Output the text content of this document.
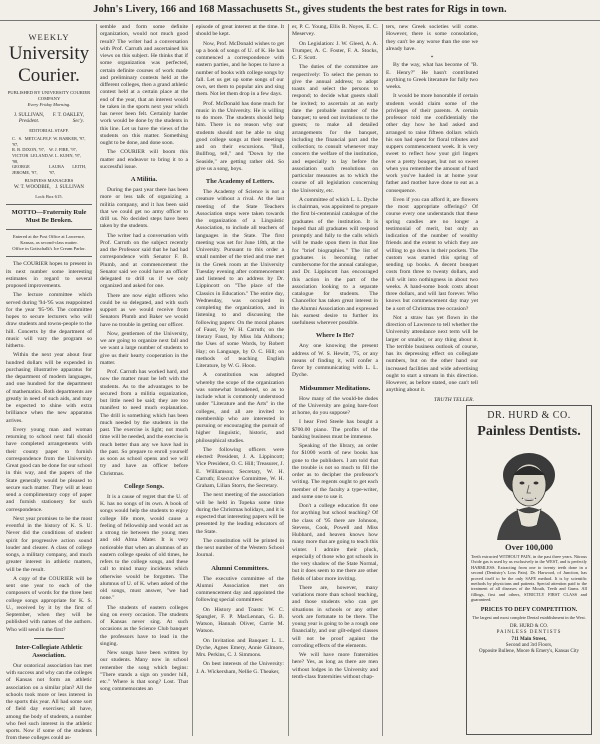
John's Livery, 166 and 168 Massachusetts St., gives students the best rates for Rigs in town.
WEEKLY
University Courier.
PUBLISHED BY UNIVERSITY COURIER COMPANY
Every Friday Morning.
J. SULLIVAN,
President.
F. T. OAKLEY,
Sec'y.
EDITORIAL STAFF.
C. S. METCALFE, '97,
F. W. BARKER, '97,
R. B. DIXON, '97, W. J. FIRE, '97,
VICTOR LELAND, '98,
W. L. KUHN, '97,
GEORGE JEROME, '97,
LAURA LEITH, '97,
BUSINESS MANAGERS
W. T. WOODBIE, J. SULLIVAN
Lock Box 615.
MOTTO—Fraternity Rule Must Be Broken.
Entered at the Post Office at Lawrence, Kansas, as second-class matter.
Office in Gottschalk's Ice Cream Parlor.

The COURIER hopes to present in its next number some interesting estimates in regard to several proposed improvements.

The lecture committee which served during '94-'95 was reappointed for the year '95-'96. The committee hopes to secure lecturers who will draw students and towns-people to the hill. Concerts by the department of music will vary the program so hitherto.

Within the next year about four hundred dollars will be expended in purchasing illustrative apparatus for the department of modern languages, and one hundred for the department of mathematics. Both departments are greatly in need of such aids, and may be expected to shine with extra brilliance when the new apparatus arrives.

Every young man and woman returning to school next fall should have completed arrangements with their county paper to furnish correspondence from the University. Great good can be done for our school in this way, and the papers of the State generally would be pleased to secure such matter. They will at least send a complimentary copy of paper and furnish stationery for such correspondence.

Next year promises to be the most eventful in the history of K. S. U. Never did the conditions of student spirit for progressive action sound louder and clearer. A class of college songs, a military company, and much greater interest in athletic matters, will be the result.

A copy of the COURIER will be sent one year to each of the composers of words for the three best college songs appropriate for K. S. U., received by it by the first of September, when they will be published with names of the authors. Who will send in the first?

Inter-Collegiate Athletic Association.

Our oratorical association has met with success and why can the colleges of Kansas not form an athletic association on a similar plan? All the schools took more or less interest in the sports this year. All had some sort of field day exercises; all have, among the body of students, a number who feel such interest in the athletic sports. Now if some of the students from these colleges could as-

semble and form some definite organization, would not much good result? The writer had a conversation with Prof. Carruth and ascertained his views on this subject. He thinks that if some organization was perfected, certain definite courses of work made and preliminary contests held at the different colleges, then a grand athletic contest held at a certain place at the end of the year, that an interest would be taken in the sports next year which has never been felt. Certainly harder work would be done by the students in this line. Let us have the views of the students on this matter. Something ought to be done, and done soon.

The COURIER will boom this matter and endeavor to bring it to a successful issue.

A Militia.

During the past year there has been more or less talk of organizing a militia company, and it has been said that we could get no army officer to drill us. No decided steps have been taken by the students.

The writer had a conversation with Prof. Carruth on the subject recently and the Professor said that he had had correspondence with Senator F. B. Plumb, and at commencement the Senator said we could have an officer delegated to drill us if we only organized and asked for one.

There are now eight officers who could be so delegated, and with such support as we would receive from Senators Plumb and Baker we would have no trouble in getting our officer.

Now, gentlemen of the University, we are going to organize next fall and we want a large number of students to give us their hearty cooperation in the matter.

Prof. Carruth has worked hard, and now the matter must be left with the students. As to the advantages to be secured from a militia organization, but little need be said; they are too manifest to need much explanation. The drill is something which has been much needed by the students in the past. The exercise is light; not much time will be needed, and the exercise is much better than any we have had in the past. So prepare to enroll yourself as soon as school opens and we will try and have an officer before Christmas.

College Songs.

It is a cause of regret that the U. of K. has no songs of its own. A book of songs would help the students to enjoy college life more, would cause a feeling of fellowship and would act as a strong tie between the young men and old Alma Mater. It is very noticeable that when an alumnus of an eastern college speaks of old times, he refers to the college songs, and these call to mind many incidents which otherwise would be forgotten. The alumnus of U. of K. when asked of the old songs, must answer, "we had none."

The students of eastern colleges sing on every occasion. The students of Kansas never sing. At such occasions as the Science Club banquet the professors have to lead in the singing.

New songs have been written by our students. Many now in school remember the song which begins: "There stands a sign on yonder hill, etc." Where is that song? Lost. That song commemorates an

episode of great interest at the time. It should be kept.

Now, Prof. McDonald wishes to get up a book of songs of U. of K. He has commenced a correspondence with eastern parties, and he hopes to have a number of books with college songs by fall. Let us get up some songs of our own, set them to popular airs and sing them. Not let them drop in a few days.

Prof. McDonald has done much for music in the University. He is willing to do more. The students should help him. There is no reason why our students should not be able to sing good college songs at their meetings and on their excursions. "Bull, Bullfrog, tell," and "Down by the Seaside," are getting rather old. So give us a song, boys.

The Academy of Letters.

The Academy of Science is not a creature without a rival. At the last meeting of the State Teachers Association steps were taken towards the organization of a Linguistic Association, to include all teachers of languages in the State. The first meeting was set for June 18th, at the University. Pursuant to this order a small number of the tried and true met in the Greek room at the University Tuesday evening after commencement and listened to an address by Dr. Lippincott on "The place of the Classics in Education." The entire day, Wednesday, was occupied in completing the organization, and in listening to and discussing the following papers: On the moral phases of Faust, by W. H. Carruth; on the literary Faust, by Miss Ida Ahlborn; the Uses of some Words, by Robert Hay; on Language, by O. C. Hill; on methods of teaching English Literature, by W. G. Hoon.

A constitution was adopted whereby the scope of the organization was somewhat broadened, so as to include what is commonly understood under "Literature and the Arts" in the colleges, and all are invited to membership who are interested in pursuing or encouraging the pursuit of higher linguistic, historic, and philosophical studies.

The following officers were elected: President, J. A. Lippincott; Vice President, O. C. Hill; Treasurer, J. E. Williamson; Secretary, W. H. Carruth; Executive Committee, W. H. Graham, Lilian Storrs, the Secretary.

The next meeting of the association will be held in Topeka some time during the Christmas holidays, and it is expected that interesting papers will be presented by the leading educators of the State.

The constitution will be printed in the next number of the Western School Journal.

Alumni Committees.

The executive committee of the Alumni Association met on commencement day and appointed the following special committees:

On History and Toasts: W. C. Spangler, F. P. MacLennan, G. B. Watson, Hannah Oliver, Carrie M. Watson.

On Invitation and Banquet: L. L. Dyche, Agnes Emery, Annie Gilmore, Mrs. Perkins, C. J. Simmons.

On best interests of the University: J. A. Wickersham, Nellie G. Theaker,

er, P. C. Young, Ellis B. Noyes, E. C. Meservey.

On Legislation: J. W. Gleed, A. A. Trumper, A. C. Foster, F. A. Stocks, C. F. Scott.

The duties of the committee are respectively: To select the person to give the annual address; to adopt toasts and select the persons to respond; to decide what guests shall be invited; to ascertain at an early date the probable number of the banquet; to send out invitations to the guests; to make all detailed arrangements for the banquet, including the financial part and the collection; to consult whenever may concern the welfare of the institution, and especially to lay before the association such resolutions on particular measures as to which the course of all legislation concerning the University, etc.

A committee of which L. L. Dyche is chairman, was appointed to prepare the first bi-centennial catalogue of the graduates of the institution. It is hoped that all graduates will respond promptly and fully to the calls which will be made upon them in that line for "brief biographies." The list of graduates is becoming rather cumbersome for the annual catalogue, and Dr. Lippincott has encouraged this action in the part of the association looking to a separate catalogue for students. The Chancellor has taken great interest in the Alumni Association and expressed his earnest desire to further its usefulness wherever possible.

Where Is He?

Any one knowing the present address of W. S. Hewitt, '75, or any means of finding it, will confer a favor by communicating with L. L. Dyche.

Midsummer Meditations.

How many of the would-be dudes of the University are going bare-foot at home, do you suppose?

I hear Fred Steele has bought a $700.00 piano. The profits of the banking business must be immense.

Speaking of the library, an order for $1000 worth of new books has gone to the publishers. I am told that the trouble is not so much to fill the order as to decipher the professor's writing. The regents ought to get each member of the faculty a type-writer, and some one to use it.

Don't a college education fit one for anything but school teaching? Of the class of '95 there are Johnson, Stevens, Cook, Powell and Miss Hubbard, and heaven knows how many more that are going to teach this winter. I admire their pluck, especially of those who got schools in the very shadow of the State Normal, but it does seem to me there are other fields of labor more inviting.

There are, however, many variations more than school teaching, and those students who can get situations in schools or any other work are fortunate to be there. The young year is going to be a rough one financially, and our gilt-edged classes will not be proof against the corroding effects of the elements.

We will have more fraternities here? Yes, as long as there are men without lodges in the University and tenth-class fraternities without chap-

ters, new Greek societies will come. However, there is some consolation, they can't be any worse than the one we already have.

*

By the way, what has become of "B. E. Henry?" He hasn't contributed anything to Greek literature for fully two weeks.

It would be more honorable if certain students would claim some of the privileges of their parents. A certain professor told me confidentially the other day how he had asked and arranged to raise fifteen dollars which his son had spent for floral tributes and suppers commencement week. It is very sweet to reflect how your girl lingers over a pretty bouquet, but not so sweet when you remember the amount of hard work you've hauled in at home your father and mother have done to eat as a consequence.

Even if you can afford it, are flowers the most appropriate offerings? Of course every one understands that these spring candies are no longer a testimonial of merit, but only an indication of the number of wealthy friends and the extent to which they are willing to go down in their pockets. The custom was started this spring of sending up books. A decent bouquet costs from three to twenty dollars, and will wilt into nothingness in about two weeks. A hand-some book costs about three dollars, and will last forever. Who knows but commencement day may yet be a sort of Christmas tree occasion?

Not a straw has yet flown in the direction of Lawrence to tell whether the University attendance next term will be larger or smaller, or any thing about it. The terrible business outlook of course, has its depressing effect on collegiate numbers, but on the other hand our increased facilities and wide advertising ought to start a stream in this direction. However, as before stated, one can't tell anything about it.

TRUTH TELLER.
DR. HURD & CO.
Painless Dentists.
Over 100,000
Teeth extracted WITHOUT PAIN, in the past three years. Nitrous Oxide gas is used by us exclusively in the WEST, and is perfectly HARMLESS. Extracting from one to twenty teeth done in a second (Dentistry's Loss Pain). Dr. Harwood, of Junction, has proved itself to be the only SAFE method. It is by scientific methods by physicians and patients. Special attention paid to the treatment of all diseases of the Mouth, Teeth and Gums. All fillings, first and others, STRICTLY FIRST CLASS and guaranteed.
PRICES TO DEFY COMPETITION.
The largest and most complete Dental establishment in the West.
DR. HURD & CO.
PAINLESS DENTISTS
711 Main Street,
Second and 3rd Floors,
Opposite Bullene, Moore & Emery's, Kansas City
